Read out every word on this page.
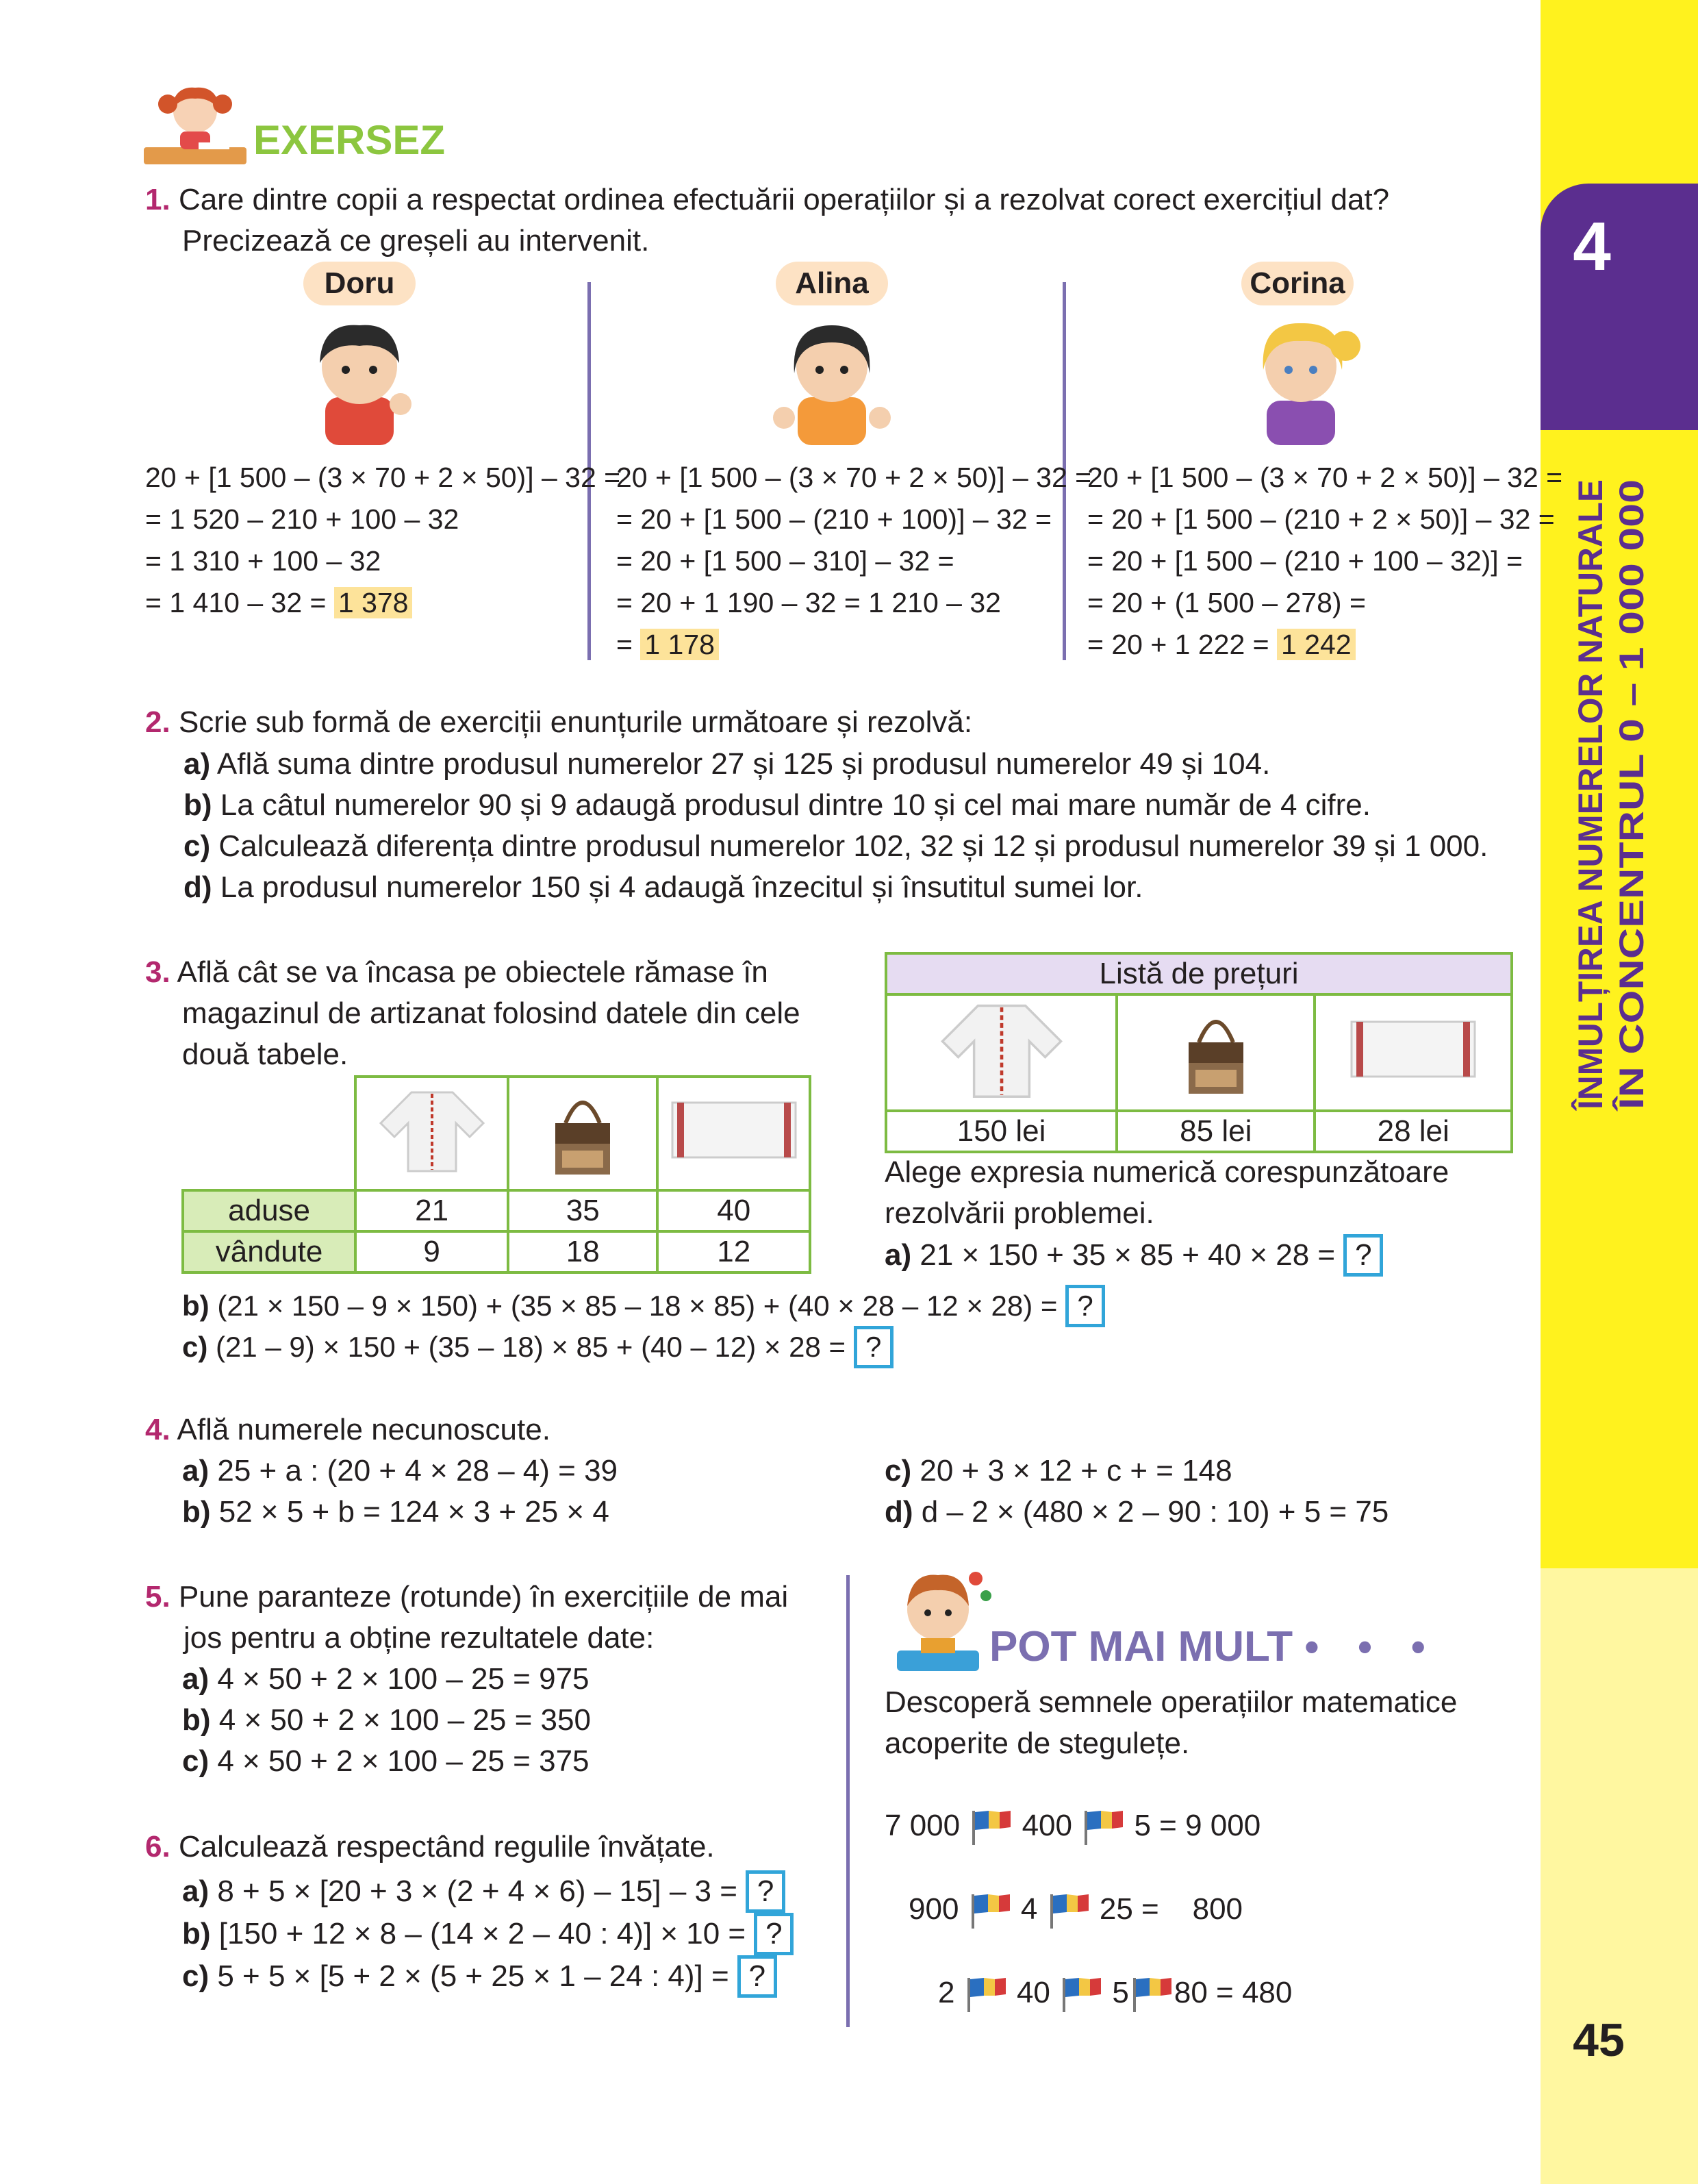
4
ÎNMULȚIREA NUMERELOR NATURALE ÎN CONCENTRUL 0 – 1 000 000
45
EXERSEZ
1. Care dintre copii a respectat ordinea efectuării operațiilor și a rezolvat corect exercițiul dat?
Precizează ce greșeli au intervenit.
Doru	Alina	Corina
20 + [1 500 – (3 × 70 + 2 × 50)] – 32 =
= 1 520 – 210 + 100 – 32
= 1 310 + 100 – 32
= 1 410 – 32 = 1 378
20 + [1 500 – (3 × 70 + 2 × 50)] – 32 =
= 20 + [1 500 – (210 + 100)] – 32 =
= 20 + [1 500 – 310] – 32 =
= 20 + 1 190 – 32 = 1 210 – 32
= 1 178
20 + [1 500 – (3 × 70 + 2 × 50)] – 32 =
= 20 + [1 500 – (210 + 2 × 50)] – 32 =
= 20 + [1 500 – (210 + 100 – 32)] =
= 20 + (1 500 – 278) =
= 20 + 1 222 = 1 242
2. Scrie sub formă de exerciții enunțurile următoare și rezolvă:
a) Află suma dintre produsul numerelor 27 și 125 și produsul numerelor 49 și 104.
b) La câtul numerelor 90 și 9 adaugă produsul dintre 10 și cel mai mare număr de 4 cifre.
c) Calculează diferența dintre produsul numerelor 102, 32 și 12 și produsul numerelor 39 și 1 000.
d) La produsul numerelor 150 și 4 adaugă înzecitul și însutitul sumei lor.
3. Află cât se va încasa pe obiectele rămase în
magazinul de artizanat folosind datele din cele
două tabele.

aduse	21	35	40
vândute	9	18	12
Listă de prețuri		

150 lei	85 lei	28 lei
Alege expresia numerică corespunzătoare
rezolvării problemei.
a) 21 × 150 + 35 × 85 + 40 × 28 = ?
b) (21 × 150 – 9 × 150) + (35 × 85 – 18 × 85) + (40 × 28 – 12 × 28) = ?
c) (21 – 9) × 150 + (35 – 18) × 85 + (40 – 12) × 28 = ?
4. Află numerele necunoscute.
a) 25 + a : (20 + 4 × 28 – 4) = 39
b) 52 × 5 + b = 124 × 3 + 25 × 4
c) 20 + 3 × 12 + c + = 148
d) d – 2 × (480 × 2 – 90 : 10) + 5 = 75
5. Pune paranteze (rotunde) în exercițiile de mai
jos pentru a obține rezultatele date:
a) 4 × 50 + 2 × 100 – 25 = 975
b) 4 × 50 + 2 × 100 – 25 = 350
c) 4 × 50 + 2 × 100 – 25 = 375
6. Calculează respectând regulile învățate.
a) 8 + 5 × [20 + 3 × (2 + 4 × 6) – 15] – 3 = ?
b) [150 + 12 × 8 – (14 × 2 – 40 : 4)] × 10 = ?
c) 5 + 5 × [5 + 2 × (5 + 25 × 1 – 24 : 4)] = ?
POT MAI MULT • • •
Descoperă semnele operațiilor matematice
acoperite de stegulețe.
7 000 400 5 = 9 000
900 4 25 =    800
2 40 5 80 = 480
